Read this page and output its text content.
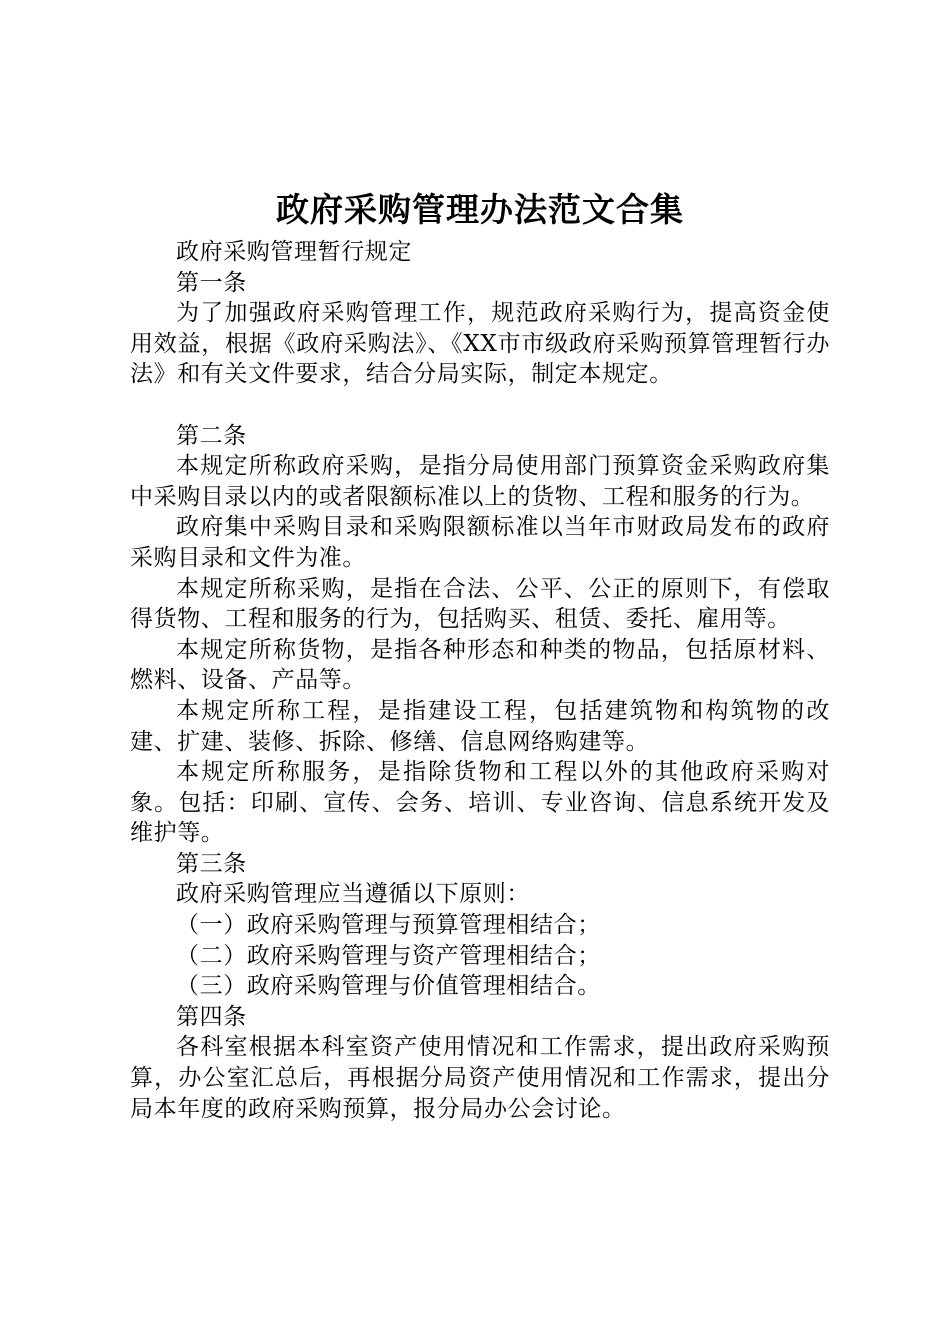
政府采购管理办法范文合集

政府采购管理暂行规定

第一条

为了加强政府采购管理工作，规范政府采购行为，提高资金使用效益，根据《政府采购法》、《XX市市级政府采购预算管理暂行办法》和有关文件要求，结合分局实际，制定本规定。

第二条

本规定所称政府采购，是指分局使用部门预算资金采购政府集中采购目录以内的或者限额标准以上的货物、工程和服务的行为。

政府集中采购目录和采购限额标准以当年市财政局发布的政府采购目录和文件为准。

本规定所称采购，是指在合法、公平、公正的原则下，有偿取得货物、工程和服务的行为，包括购买、租赁、委托、雇用等。

本规定所称货物，是指各种形态和种类的物品，包括原材料、燃料、设备、产品等。

本规定所称工程，是指建设工程，包括建筑物和构筑物的改建、扩建、装修、拆除、修缮、信息网络购建等。

本规定所称服务，是指除货物和工程以外的其他政府采购对象。包括：印刷、宣传、会务、培训、专业咨询、信息系统开发及维护等。

第三条

政府采购管理应当遵循以下原则：

（一）政府采购管理与预算管理相结合；

（二）政府采购管理与资产管理相结合；

（三）政府采购管理与价值管理相结合。

第四条

各科室根据本科室资产使用情况和工作需求，提出政府采购预算，办公室汇总后，再根据分局资产使用情况和工作需求，提出分局本年度的政府采购预算，报分局办公会讨论。
